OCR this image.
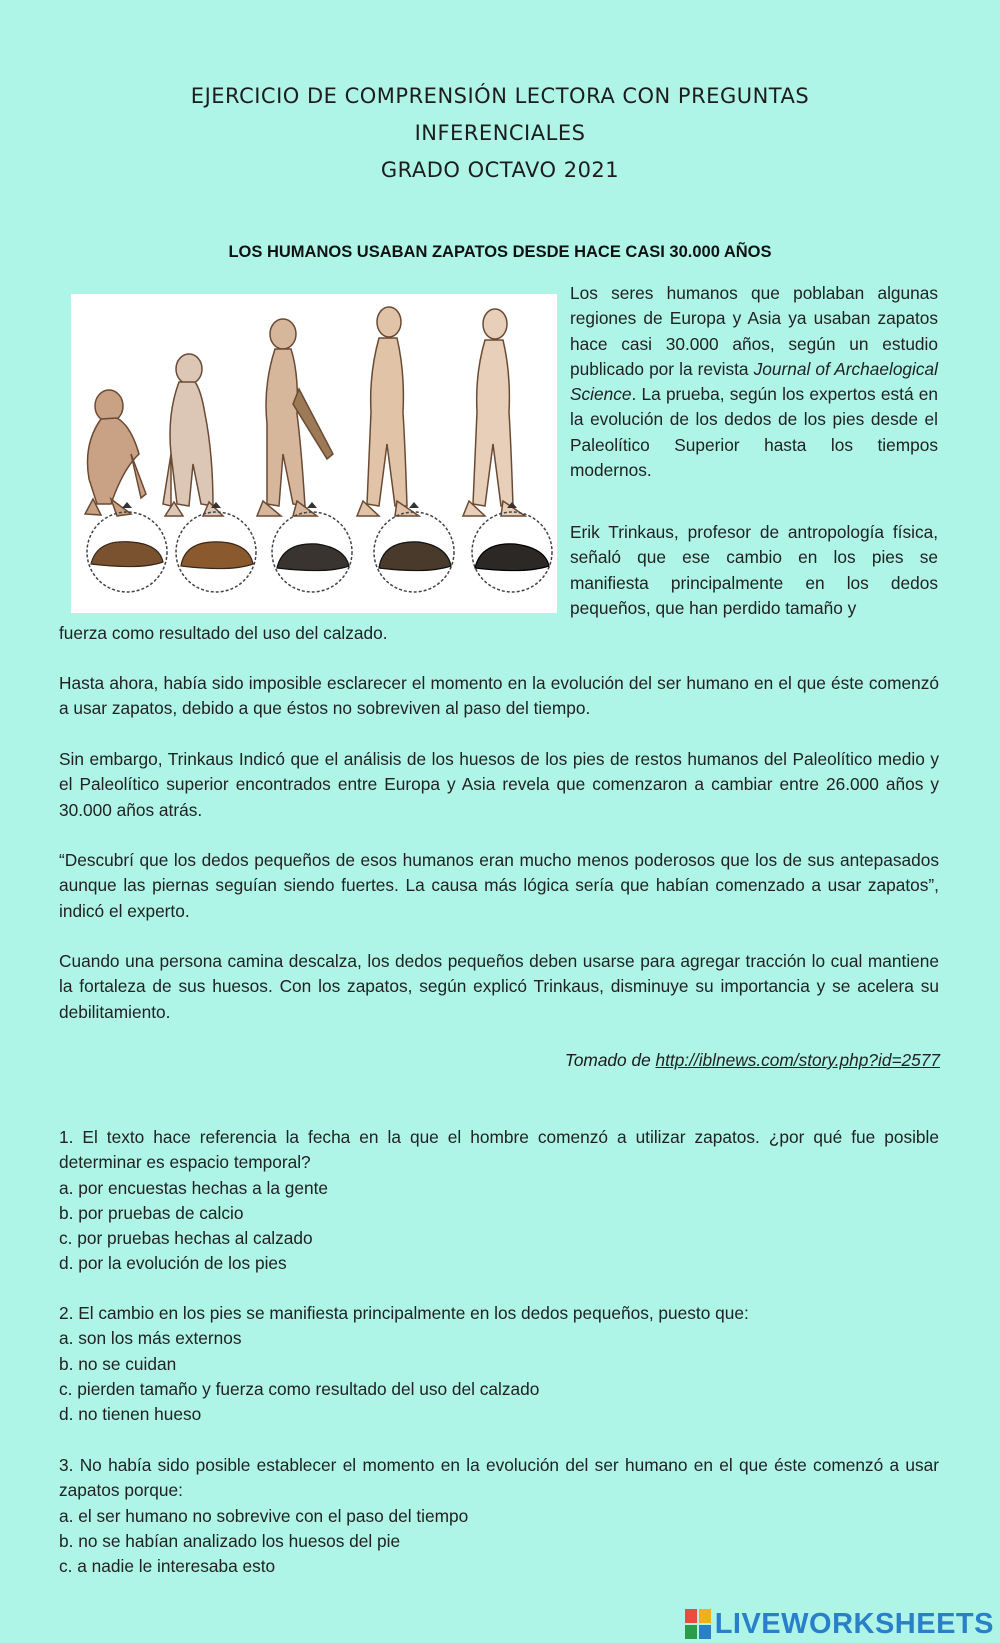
EJERCICIO DE COMPRENSIÓN LECTORA CON PREGUNTAS
INFERENCIALES
GRADO OCTAVO 2021
LOS HUMANOS USABAN ZAPATOS DESDE HACE CASI 30.000 AÑOS
Los seres humanos que poblaban algunas regiones de Europa y Asia ya usaban zapatos hace casi 30.000 años, según un estudio publicado por la revista Journal of Archaelogical Science. La prueba, según los expertos está en la evolución de los dedos de los pies desde el Paleolítico Superior hasta los tiempos modernos.
Erik Trinkaus, profesor de antropología física, señaló que ese cambio en los pies se manifiesta principalmente en los dedos pequeños, que han perdido tamaño y
fuerza como resultado del uso del calzado.
Hasta ahora, había sido imposible esclarecer el momento en la evolución del ser humano en el que éste comenzó a usar zapatos, debido a que éstos no sobreviven al paso del tiempo.
Sin embargo, Trinkaus Indicó que el análisis de los huesos de los pies de restos humanos del Paleolítico medio y el Paleolítico superior encontrados entre Europa y Asia revela que comenzaron a cambiar entre 26.000 años y 30.000 años atrás.
“Descubrí que los dedos pequeños de esos humanos eran mucho menos poderosos que los de sus antepasados aunque las piernas seguían siendo fuertes. La causa más lógica sería que habían comenzado a usar zapatos”, indicó el experto.
Cuando una persona camina descalza, los dedos pequeños deben usarse para agregar tracción lo cual mantiene la fortaleza de sus huesos. Con los zapatos, según explicó Trinkaus, disminuye su importancia y se acelera su debilitamiento.
Tomado de http://iblnews.com/story.php?id=2577
1. El texto hace referencia la fecha en la que el hombre comenzó a utilizar zapatos. ¿por qué fue posible determinar es espacio temporal?
a. por encuestas hechas a la gente
b. por pruebas de calcio
c. por pruebas hechas al calzado
d. por la evolución de los pies
2. El cambio en los pies se manifiesta principalmente en los dedos pequeños, puesto que:
a. son los más externos
b. no se cuidan
c. pierden tamaño y fuerza como resultado del uso del calzado
d. no tienen hueso
3. No había sido posible establecer el momento en la evolución del ser humano en el que éste comenzó a usar zapatos porque:
a. el ser humano no sobrevive con el paso del tiempo
b. no se habían analizado los huesos del pie
c. a nadie le interesaba esto
LIVEWORKSHEETS
